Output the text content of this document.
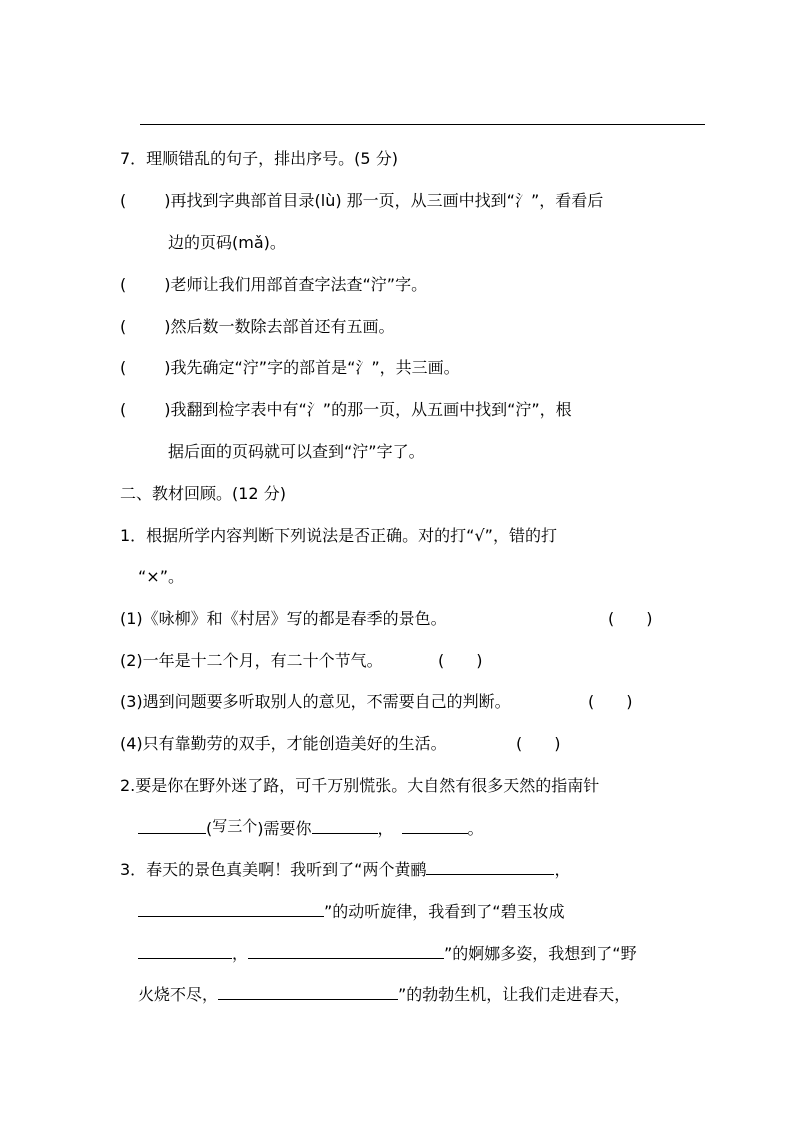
7．理顺错乱的句子，排出序号。(5 分)
( )再找到字典部首目录(lù) 那一页，从三画中找到“氵”，看看后
边的页码(mǎ)。
( )老师让我们用部首查字法查“泞”字。
( )然后数一数除去部首还有五画。
( )我先确定“泞”字的部首是“氵”，共三画。
( )我翻到检字表中有“氵”的那一页，从五画中找到“泞”，根
据后面的页码就可以查到“泞”字了。
二、教材回顾。(12 分)
1．根据所学内容判断下列说法是否正确。对的打“√”，错的打
“×”。
(1)《咏柳》和《村居》写的都是春季的景色。	(　　)
(2)一年是十二个月，有二十个节气。	(　　)
(3)遇到问题要多听取别人的意见，不需要自己的判断。	(　　)
(4)只有靠勤劳的双手，才能创造美好的生活。	(　　)
2.要是你在野外迷了路，可千万别慌张。大自然有很多天然的指南针
(写三个)需要你	，	。
3．春天的景色真美啊！我听到了“两个黄鹂	，
”的动听旋律，我看到了“碧玉妆成
，	”的婀娜多姿，我想到了“野
火烧不尽，	”的勃勃生机，让我们走进春天，
